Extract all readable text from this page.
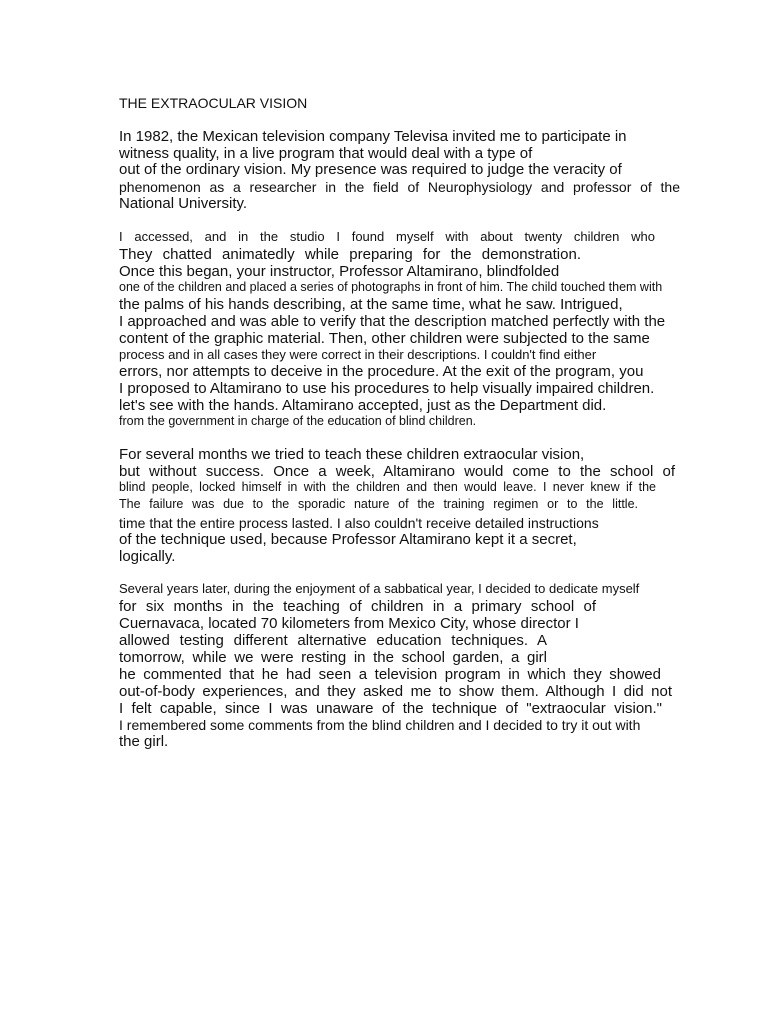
THE EXTRAOCULAR VISION
In 1982, the Mexican television company Televisa invited me to participate in
witness quality, in a live program that would deal with a type of
out of the ordinary vision. My presence was required to judge the veracity of
phenomenon as a researcher in the field of Neurophysiology and professor of the
National University.
I accessed, and in the studio I found myself with about twenty children who
They chatted animatedly while preparing for the demonstration.
Once this began, your instructor, Professor Altamirano, blindfolded
one of the children and placed a series of photographs in front of him. The child touched them with
the palms of his hands describing, at the same time, what he saw. Intrigued,
I approached and was able to verify that the description matched perfectly with the
content of the graphic material. Then, other children were subjected to the same
process and in all cases they were correct in their descriptions. I couldn't find either
errors, nor attempts to deceive in the procedure. At the exit of the program, you
I proposed to Altamirano to use his procedures to help visually impaired children.
let's see with the hands. Altamirano accepted, just as the Department did.
from the government in charge of the education of blind children.
For several months we tried to teach these children extraocular vision,
but without success. Once a week, Altamirano would come to the school of
blind people, locked himself in with the children and then would leave. I never knew if the
The failure was due to the sporadic nature of the training regimen or to the little.
time that the entire process lasted. I also couldn't receive detailed instructions
of the technique used, because Professor Altamirano kept it a secret,
logically.
Several years later, during the enjoyment of a sabbatical year, I decided to dedicate myself
for six months in the teaching of children in a primary school of
Cuernavaca, located 70 kilometers from Mexico City, whose director I
allowed testing different alternative education techniques. A
tomorrow, while we were resting in the school garden, a girl
he commented that he had seen a television program in which they showed
out-of-body experiences, and they asked me to show them. Although I did not
I felt capable, since I was unaware of the technique of "extraocular vision."
I remembered some comments from the blind children and I decided to try it out with
the girl.
